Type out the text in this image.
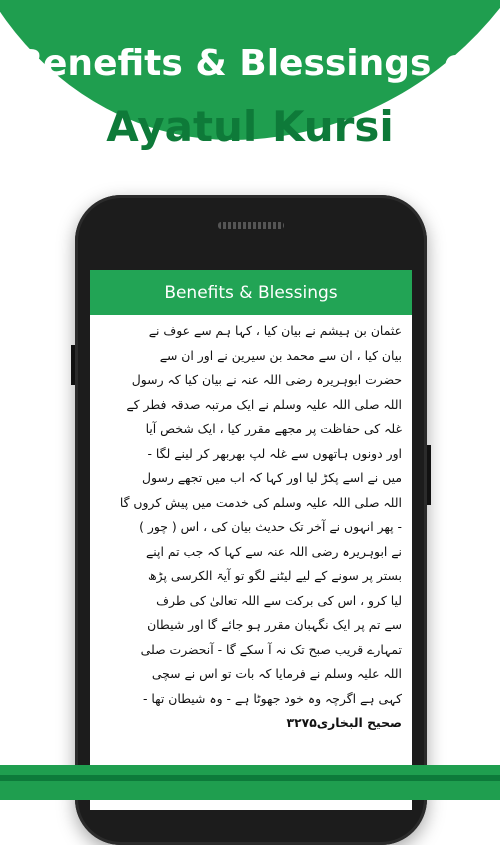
Benefits & Blessings of
Ayatul Kursi
Benefits & Blessings
عثمان بن ہیشم نے بیان کیا ، کہا ہم سے عوف نے
بیان کیا ، ان سے محمد بن سیرین نے اور ان سے
حضرت ابوہریرہ رضی اللہ عنہ نے بیان کیا کہ رسول
اللہ صلی اللہ علیہ وسلم نے ایک مرتبہ صدقہ فطر کے
غلہ کی حفاظت پر مجھے مقرر کیا ، ایک شخص آیا
اور دونوں ہاتھوں سے غلہ لپ بھربھر کر لینے لگا -
میں نے اسے پکڑ لیا اور کہا کہ اب میں تجھے رسول
اللہ صلی اللہ علیہ وسلم کی خدمت میں پیش کروں گا
- پھر انہوں نے آخر تک حدیث بیان کی ، اس ( چور )
نے ابوہریرہ رضی اللہ عنہ سے کہا کہ جب تم اپنے
بستر پر سونے کے لیے لیٹنے لگو تو آیۃ الکرسی پڑھ
لیا کرو ، اس کی برکت سے اللہ تعالیٰ کی طرف
سے تم پر ایک نگہبان مقرر ہو جائے گا اور شیطان
تمہارے قریب صبح تک نہ آ سکے گا - آنحضرت صلی
اللہ علیہ وسلم نے فرمایا کہ بات تو اس نے سچی
کہی ہے اگرچہ وہ خود جھوٹا ہے - وہ شیطان تھا -
صحیح البخاری۳۲۷۵
